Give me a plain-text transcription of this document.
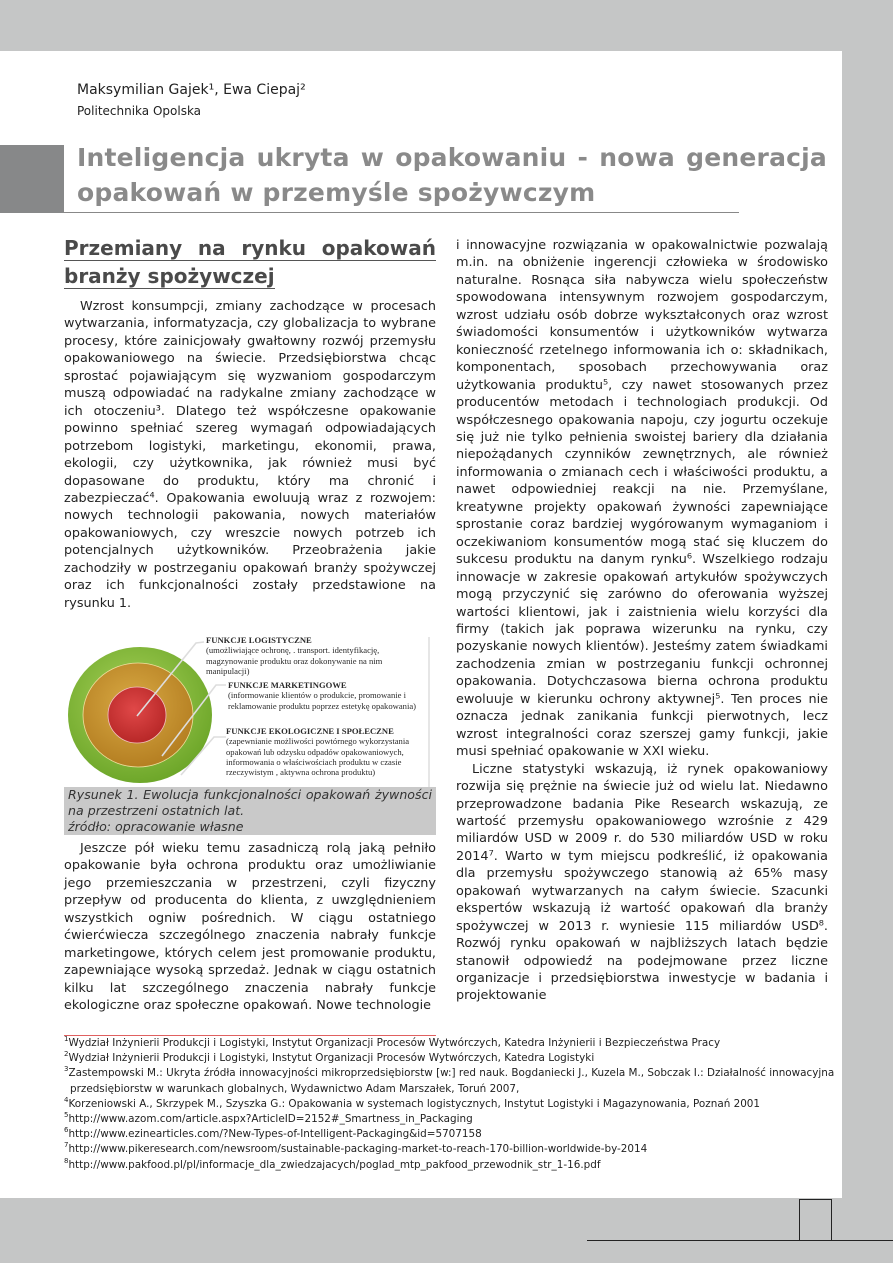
Maksymilian Gajek¹, Ewa Ciepaj²
Politechnika Opolska
Inteligencja ukryta w opakowaniu - nowa generacja opakowań w przemyśle spożywczym
Przemiany na rynku opakowań branży spożywczej

Wzrost konsumpcji, zmiany zachodzące w procesach wytwarzania, informatyzacja, czy globalizacja to wybrane procesy, które zainicjowały gwałtowny rozwój przemysłu opakowaniowego na świecie. Przedsiębiorstwa chcąc sprostać pojawiającym się wyzwaniom gospodarczym muszą odpowiadać na radykalne zmiany zachodzące w ich otoczeniu³. Dlatego też współczesne opakowanie powinno spełniać szereg wymagań odpowiadających potrzebom logistyki, marketingu, ekonomii, prawa, ekologii, czy użytkownika, jak również musi być dopasowane do produktu, który ma chronić i zabezpieczać⁴. Opakowania ewoluują wraz z rozwojem: nowych technologii pakowania, nowych materiałów opakowaniowych, czy wreszcie nowych potrzeb ich potencjalnych użytkowników. Przeobrażenia jakie zachodziły w postrzeganiu opakowań branży spożywczej oraz ich funkcjonalności zostały przedstawione na rysunku 1.

FUNKCJE LOGISTYCZNE
(umożliwiające ochronę, . transport. identyfikację, magzynowanie produktu oraz dokonywanie na nim manipulacji)
FUNKCJE MARKETINGOWE
(informowanie klientów o produkcie, promowanie i reklamowanie produktu poprzez estetykę opakowania)
FUNKCJE EKOLOGICZNE I SPOŁECZNE
(zapewnianie możliwości powtórnego wykorzystania opakowań lub odzysku odpadów opakowaniowych, informowania o właściwościach produktu w czasie rzeczywistym , aktywna ochrona produktu)
Rysunek 1. Ewolucja funkcjonalności opakowań żywności na przestrzeni ostatnich lat.
źródło: opracowanie własne

Jeszcze pół wieku temu zasadniczą rolą jaką pełniło opakowanie była ochrona produktu oraz umożliwianie jego przemieszczania w przestrzeni, czyli fizyczny przepływ od producenta do klienta, z uwzględnieniem wszystkich ogniw pośrednich. W ciągu ostatniego ćwierćwiecza szczególnego znaczenia nabrały funkcje marketingowe, których celem jest promowanie produktu, zapewniające wysoką sprzedaż. Jednak w ciągu ostatnich kilku lat szczególnego znaczenia nabrały funkcje ekologiczne oraz społeczne opakowań. Nowe technologie

i innowacyjne rozwiązania w opakowalnictwie pozwalają m.in. na obniżenie ingerencji człowieka w środowisko naturalne. Rosnąca siła nabywcza wielu społeczeństw spowodowana intensywnym rozwojem gospodarczym, wzrost udziału osób dobrze wykształconych oraz wzrost świadomości konsumentów i użytkowników wytwarza konieczność rzetelnego informowania ich o: składnikach, komponentach, sposobach przechowywania oraz użytkowania produktu⁵, czy nawet stosowanych przez producentów metodach i technologiach produkcji. Od współczesnego opakowania napoju, czy jogurtu oczekuje się już nie tylko pełnienia swoistej bariery dla działania niepożądanych czynników zewnętrznych, ale również informowania o zmianach cech i właściwości produktu, a nawet odpowiedniej reakcji na nie. Przemyślane, kreatywne projekty opakowań żywności zapewniające sprostanie coraz bardziej wygórowanym wymaganiom i oczekiwaniom konsumentów mogą stać się kluczem do sukcesu produktu na danym rynku⁶. Wszelkiego rodzaju innowacje w zakresie opakowań artykułów spożywczych mogą przyczynić się zarówno do oferowania wyższej wartości klientowi, jak i zaistnienia wielu korzyści dla firmy (takich jak poprawa wizerunku na rynku, czy pozyskanie nowych klientów). Jesteśmy zatem świadkami zachodzenia zmian w postrzeganiu funkcji ochronnej opakowania. Dotychczasowa bierna ochrona produktu ewoluuje w kierunku ochrony aktywnej⁵. Ten proces nie oznacza jednak zanikania funkcji pierwotnych, lecz wzrost integralności coraz szerszej gamy funkcji, jakie musi spełniać opakowanie w XXI wieku.

Liczne statystyki wskazują, iż rynek opakowaniowy rozwija się prężnie na świecie już od wielu lat. Niedawno przeprowadzone badania Pike Research wskazują, ze wartość przemysłu opakowaniowego wzrośnie z 429 miliardów USD w 2009 r. do 530 miliardów USD w roku 2014⁷. Warto w tym miejscu podkreślić, iż opakowania dla przemysłu spożywczego stanowią aż 65% masy opakowań wytwarzanych na całym świecie. Szacunki ekspertów wskazują iż wartość opakowań dla branży spożywczej w 2013 r. wyniesie 115 miliardów USD⁸. Rozwój rynku opakowań w najbliższych latach będzie stanowił odpowiedź na podejmowane przez liczne organizacje i przedsiębiorstwa inwestycje w badania i projektowanie

$^1$Wydział Inżynierii Produkcji i Logistyki, Instytut Organizacji Procesów Wytwórczych, Katedra Inżynierii i Bezpieczeństwa Pracy
$^2$Wydział Inżynierii Produkcji i Logistyki, Instytut Organizacji Procesów Wytwórczych, Katedra Logistyki
$^3$Zastempowski M.: Ukryta źródła innowacyjności mikroprzedsiębiorstw [w:] red nauk. Bogdaniecki J., Kuzela M., Sobczak I.: Działalność innowacyjna
przedsiębiorstw w warunkach globalnych, Wydawnictwo Adam Marszałek, Toruń 2007,
$^4$Korzeniowski A., Skrzypek M., Szyszka G.: Opakowania w systemach logistycznych, Instytut Logistyki i Magazynowania, Poznań 2001
$^5$http://www.azom.com/article.aspx?ArticleID=2152#_Smartness_in_Packaging
$^6$http://www.ezinearticles.com/?New-Types-of-Intelligent-Packaging&id=5707158
$^7$http://www.pikeresearch.com/newsroom/sustainable-packaging-market-to-reach-170-billion-worldwide-by-2014
$^8$http://www.pakfood.pl/pl/informacje_dla_zwiedzajacych/poglad_mtp_pakfood_przewodnik_str_1-16.pdf
